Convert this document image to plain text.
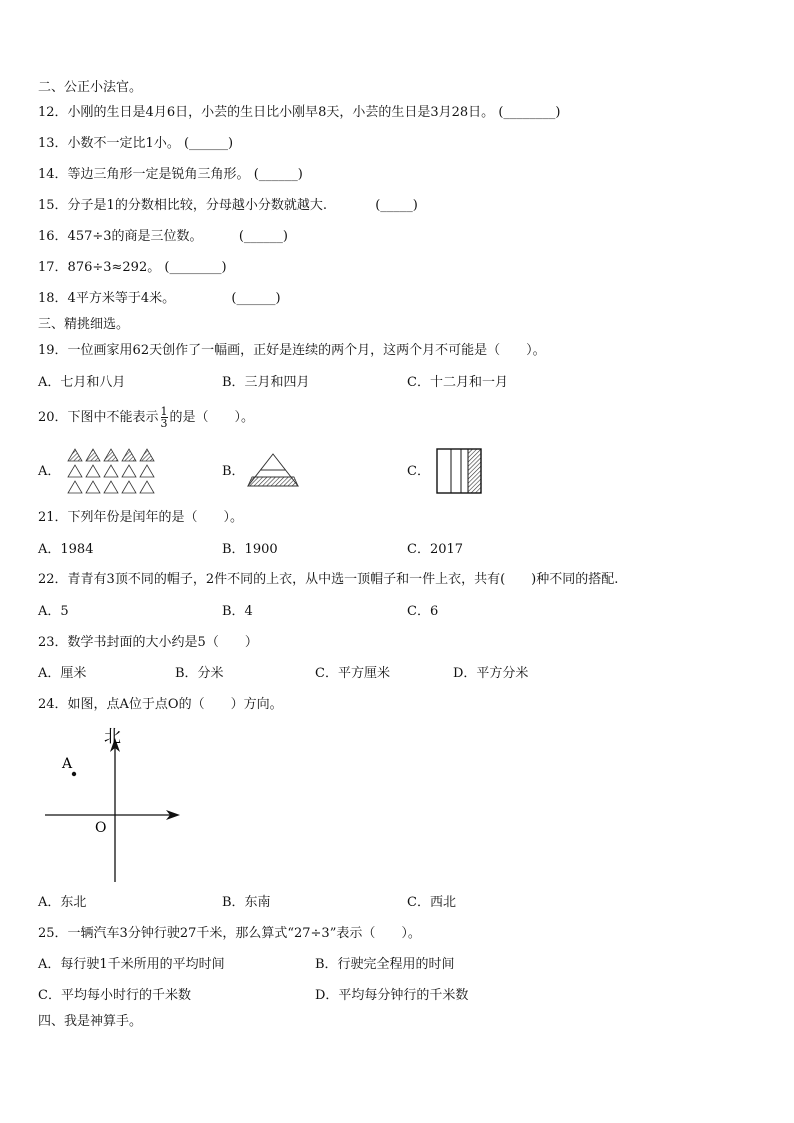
二、公正小法官。
12．小刚的生日是4月6日，小芸的生日比小刚早8天，小芸的生日是3月28日。 (________)
13．小数不一定比1小。 (______)
14．等边三角形一定是锐角三角形。 (______)
15．分子是1的分数相比较，分母越小分数就越大.	(_____)
16．457÷3的商是三位数。	(______)
17．876÷3≈292。 (________)
18．4平方米等于4米。	(______)
三、精挑细选。
19．一位画家用62天创作了一幅画，正好是连续的两个月，这两个月不可能是（　　）。
A．七月和八月	B．三月和四月	C．十二月和一月
20．下图中不能表示 $\frac{1}{3}$ 的是（　　）。
A．	B．	C．
21．下列年份是闰年的是（　　）。
A．1984	B．1900	C．2017
22．青青有3顶不同的帽子，2件不同的上衣，从中选一顶帽子和一件上衣，共有(　　)种不同的搭配.
A．5	B．4	C．6
23．数学书封面的大小约是5（　　）
A．厘米	B．分米	C．平方厘米	D．平方分米
24．如图，点A位于点O的（　　）方向。
北
A
O
A．东北	B．东南	C．西北
25．一辆汽车3分钟行驶27千米，那么算式“27÷3”表示（　　）。
A．每行驶1千米所用的平均时间	B．行驶完全程用的时间
C．平均每小时行的千米数	D．平均每分钟行的千米数
四、我是神算手。
